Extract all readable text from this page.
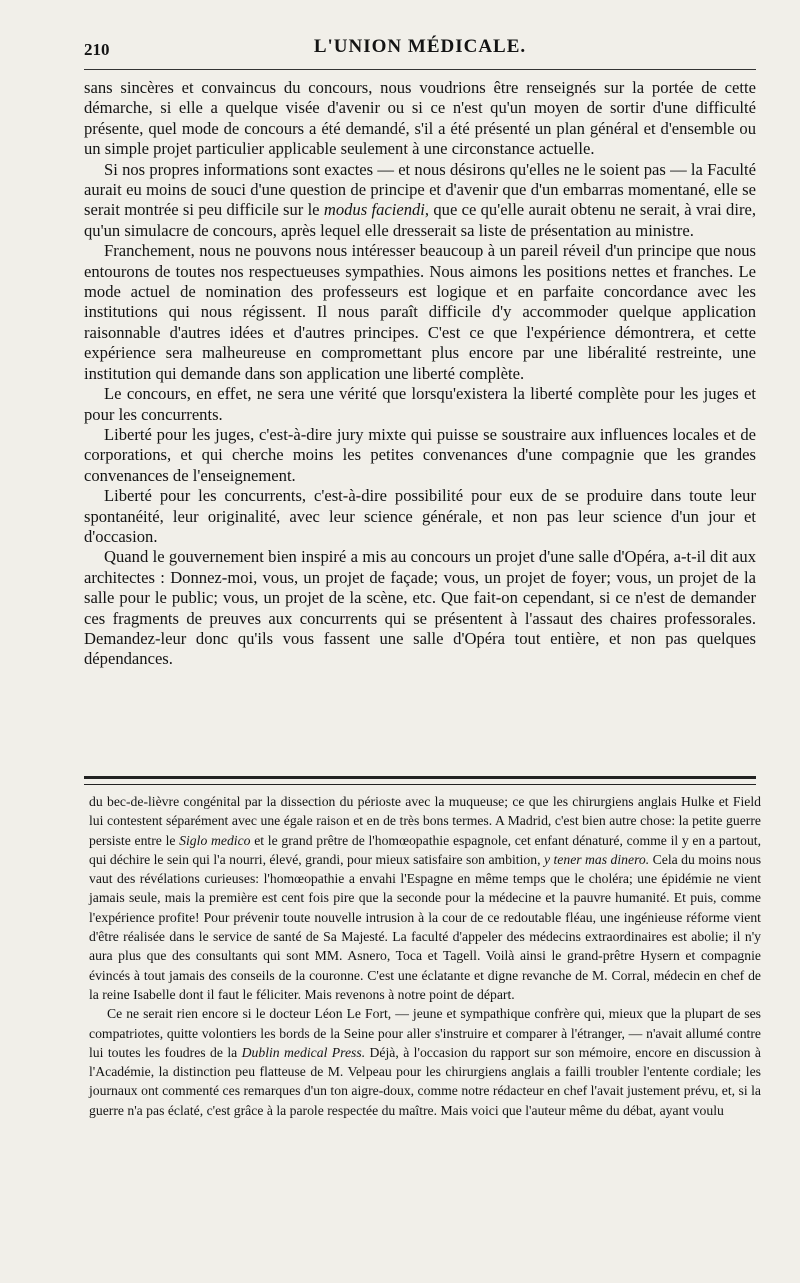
210	L'UNION MÉDICALE.

sans sincères et convaincus du concours, nous voudrions être renseignés sur la portée de cette démarche, si elle a quelque visée d'avenir ou si ce n'est qu'un moyen de sortir d'une difficulté présente, quel mode de concours a été demandé, s'il a été présenté un plan général et d'ensemble ou un simple projet particulier applicable seulement à une circonstance actuelle.

Si nos propres informations sont exactes — et nous désirons qu'elles ne le soient pas — la Faculté aurait eu moins de souci d'une question de principe et d'avenir que d'un embarras momentané, elle se serait montrée si peu difficile sur le modus faciendi, que ce qu'elle aurait obtenu ne serait, à vrai dire, qu'un simulacre de concours, après lequel elle dresserait sa liste de présentation au ministre.

Franchement, nous ne pouvons nous intéresser beaucoup à un pareil réveil d'un principe que nous entourons de toutes nos respectueuses sympathies. Nous aimons les positions nettes et franches. Le mode actuel de nomination des professeurs est logique et en parfaite concordance avec les institutions qui nous régissent. Il nous paraît difficile d'y accommoder quelque application raisonnable d'autres idées et d'autres principes. C'est ce que l'expérience démontrera, et cette expérience sera malheureuse en compromettant plus encore par une libéralité restreinte, une institution qui demande dans son application une liberté complète.

Le concours, en effet, ne sera une vérité que lorsqu'existera la liberté complète pour les juges et pour les concurrents.

Liberté pour les juges, c'est-à-dire jury mixte qui puisse se soustraire aux influences locales et de corporations, et qui cherche moins les petites convenances d'une compagnie que les grandes convenances de l'enseignement.

Liberté pour les concurrents, c'est-à-dire possibilité pour eux de se produire dans toute leur spontanéité, leur originalité, avec leur science générale, et non pas leur science d'un jour et d'occasion.

Quand le gouvernement bien inspiré a mis au concours un projet d'une salle d'Opéra, a-t-il dit aux architectes : Donnez-moi, vous, un projet de façade; vous, un projet de foyer; vous, un projet de la salle pour le public; vous, un projet de la scène, etc. Que fait-on cependant, si ce n'est de demander ces fragments de preuves aux concurrents qui se présentent à l'assaut des chaires professorales. Demandez-leur donc qu'ils vous fassent une salle d'Opéra tout entière, et non pas quelques dépendances.

du bec-de-lièvre congénital par la dissection du périoste avec la muqueuse; ce que les chirurgiens anglais Hulke et Field lui contestent séparément avec une égale raison et en de très bons termes. A Madrid, c'est bien autre chose: la petite guerre persiste entre le Siglo medico et le grand prêtre de l'homœopathie espagnole, cet enfant dénaturé, comme il y en a partout, qui déchire le sein qui l'a nourri, élevé, grandi, pour mieux satisfaire son ambition, y tener mas dinero. Cela du moins nous vaut des révélations curieuses: l'homœopathie a envahi l'Espagne en même temps que le choléra; une épidémie ne vient jamais seule, mais la première est cent fois pire que la seconde pour la médecine et la pauvre humanité. Et puis, comme l'expérience profite! Pour prévenir toute nouvelle intrusion à la cour de ce redoutable fléau, une ingénieuse réforme vient d'être réalisée dans le service de santé de Sa Majesté. La faculté d'appeler des médecins extraordinaires est abolie; il n'y aura plus que des consultants qui sont MM. Asnero, Toca et Tagell. Voilà ainsi le grand-prêtre Hysern et compagnie évincés à tout jamais des conseils de la couronne. C'est une éclatante et digne revanche de M. Corral, médecin en chef de la reine Isabelle dont il faut le féliciter. Mais revenons à notre point de départ.

Ce ne serait rien encore si le docteur Léon Le Fort, — jeune et sympathique confrère qui, mieux que la plupart de ses compatriotes, quitte volontiers les bords de la Seine pour aller s'instruire et comparer à l'étranger, — n'avait allumé contre lui toutes les foudres de la Dublin medical Press. Déjà, à l'occasion du rapport sur son mémoire, encore en discussion à l'Académie, la distinction peu flatteuse de M. Velpeau pour les chirurgiens anglais a failli troubler l'entente cordiale; les journaux ont commenté ces remarques d'un ton aigre-doux, comme notre rédacteur en chef l'avait justement prévu, et, si la guerre n'a pas éclaté, c'est grâce à la parole respectée du maître. Mais voici que l'auteur même du débat, ayant voulu
